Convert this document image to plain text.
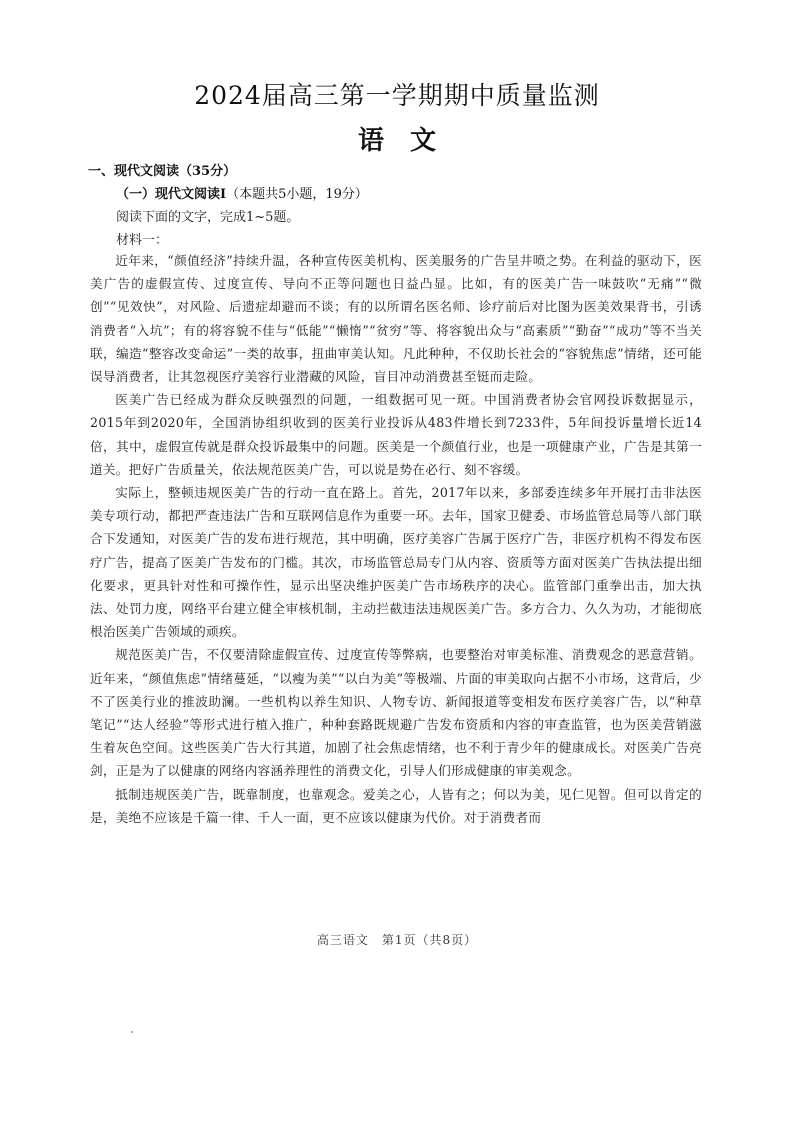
2024届高三第一学期期中质量监测
语文
一、现代文阅读（35分）
（一）现代文阅读Ⅰ（本题共5小题，19分）
阅读下面的文字，完成1~5题。
材料一：

近年来，“颜值经济”持续升温，各种宣传医美机构、医美服务的广告呈井喷之势。在利益的驱动下，医美广告的虚假宣传、过度宣传、导向不正等问题也日益凸显。比如，有的医美广告一味鼓吹“无痛”“微创”“见效快”，对风险、后遗症却避而不谈；有的以所谓名医名师、诊疗前后对比图为医美效果背书，引诱消费者“入坑”；有的将容貌不佳与“低能”“懒惰”“贫穷”等、将容貌出众与“高素质”“勤奋”“成功”等不当关联，编造“整容改变命运”一类的故事，扭曲审美认知。凡此种种，不仅助长社会的“容貌焦虑”情绪，还可能误导消费者，让其忽视医疗美容行业潜藏的风险，盲目冲动消费甚至铤而走险。

医美广告已经成为群众反映强烈的问题，一组数据可见一斑。中国消费者协会官网投诉数据显示，2015年到2020年，全国消协组织收到的医美行业投诉从483件增长到7233件，5年间投诉量增长近14倍，其中，虚假宣传就是群众投诉最集中的问题。医美是一个颜值行业，也是一项健康产业，广告是其第一道关。把好广告质量关，依法规范医美广告，可以说是势在必行、刻不容缓。

实际上，整顿违规医美广告的行动一直在路上。首先，2017年以来，多部委连续多年开展打击非法医美专项行动，都把严查违法广告和互联网信息作为重要一环。去年，国家卫健委、市场监管总局等八部门联合下发通知，对医美广告的发布进行规范，其中明确，医疗美容广告属于医疗广告，非医疗机构不得发布医疗广告，提高了医美广告发布的门槛。其次，市场监管总局专门从内容、资质等方面对医美广告执法提出细化要求，更具针对性和可操作性，显示出坚决维护医美广告市场秩序的决心。监管部门重拳出击，加大执法、处罚力度，网络平台建立健全审核机制，主动拦截违法违规医美广告。多方合力、久久为功，才能彻底根治医美广告领域的顽疾。

规范医美广告，不仅要清除虚假宣传、过度宣传等弊病，也要整治对审美标准、消费观念的恶意营销。近年来，“颜值焦虑”情绪蔓延，“以瘦为美”“以白为美”等极端、片面的审美取向占据不小市场，这背后，少不了医美行业的推波助澜。一些机构以养生知识、人物专访、新闻报道等变相发布医疗美容广告，以“种草笔记”“达人经验”等形式进行植入推广，种种套路既规避广告发布资质和内容的审查监管，也为医美营销滋生着灰色空间。这些医美广告大行其道，加剧了社会焦虑情绪，也不利于青少年的健康成长。对医美广告亮剑，正是为了以健康的网络内容涵养理性的消费文化，引导人们形成健康的审美观念。

抵制违规医美广告，既靠制度，也靠观念。爱美之心，人皆有之；何以为美，见仁见智。但可以肯定的是，美绝不应该是千篇一律、千人一面，更不应该以健康为代价。对于消费者而

高三语文　第1页（共8页）
